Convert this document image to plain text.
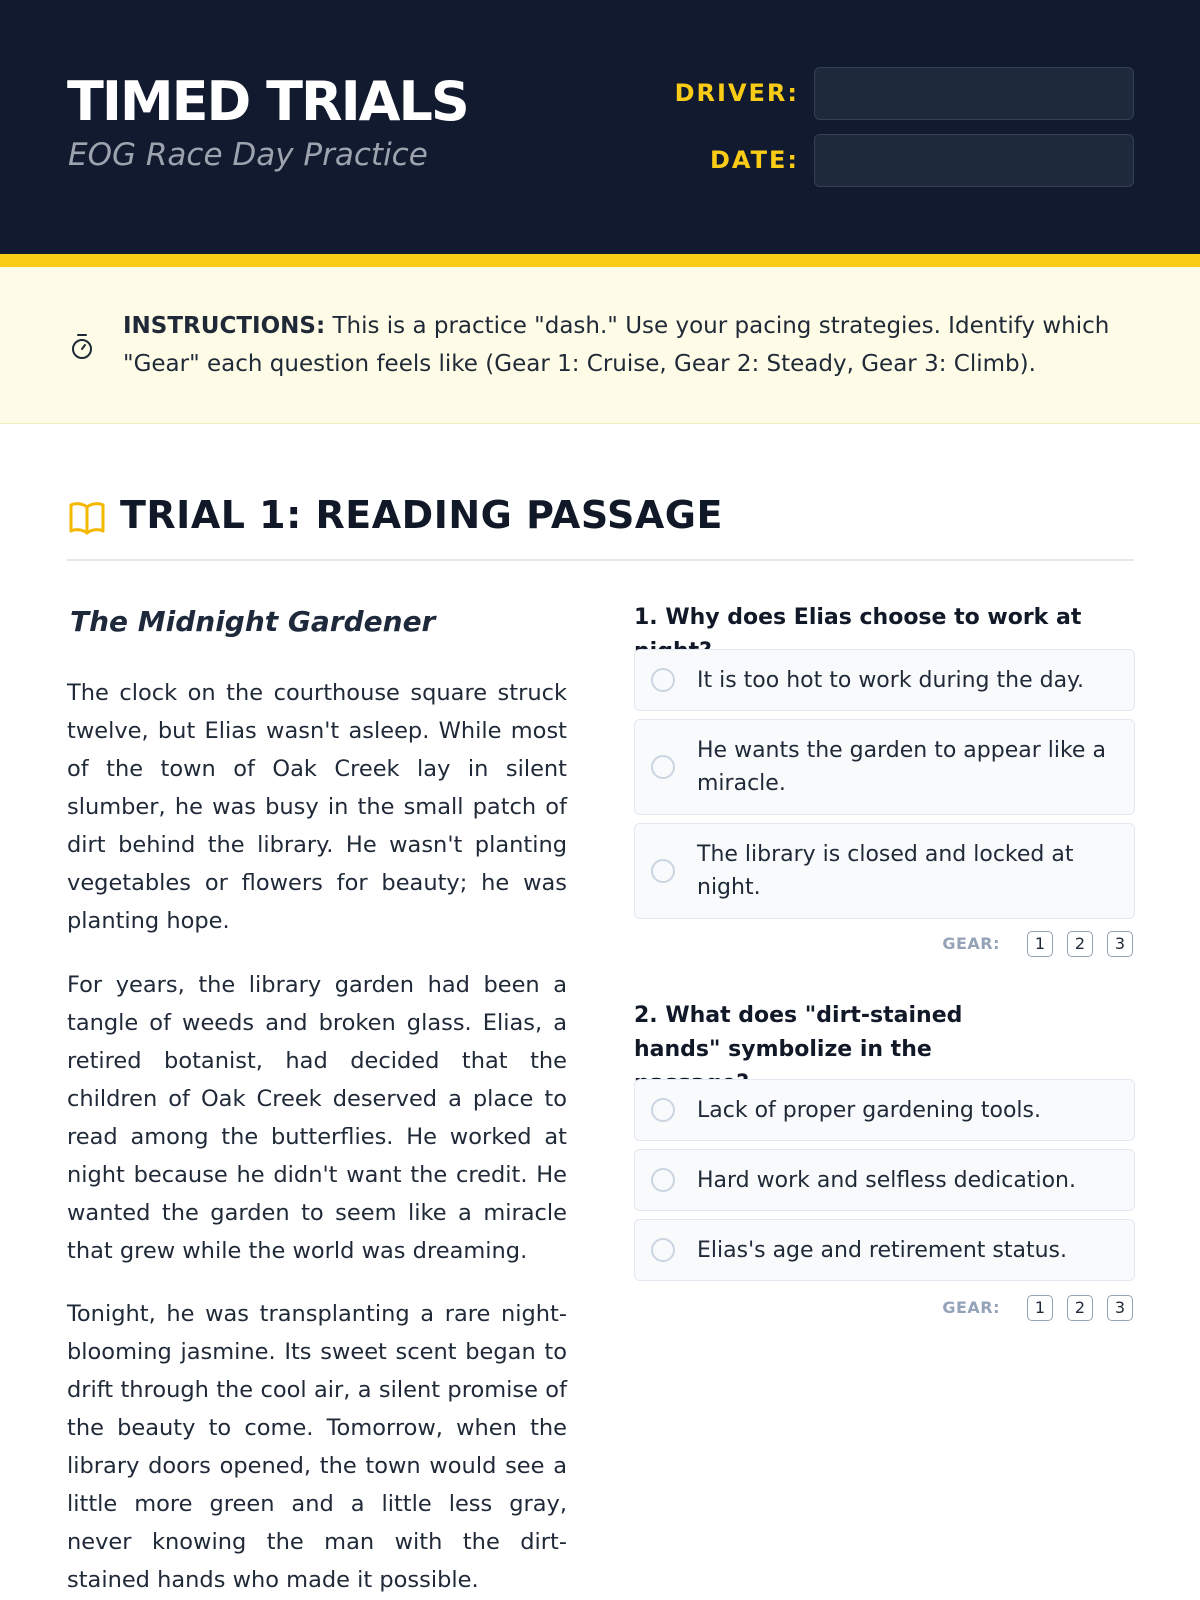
TIMED TRIALS
EOG Race Day Practice
DRIVER:
DATE:
INSTRUCTIONS: This is a practice "dash." Use your pacing strategies. Identify which "Gear" each question feels like (Gear 1: Cruise, Gear 2: Steady, Gear 3: Climb).
TRIAL 1: READING PASSAGE
The Midnight Gardener

The clock on the courthouse square struck twelve, but Elias wasn't asleep. While most of the town of Oak Creek lay in silent slumber, he was busy in the small patch of dirt behind the library. He wasn't planting vegetables or flowers for beauty; he was planting hope.

For years, the library garden had been a tangle of weeds and broken glass. Elias, a retired botanist, had decided that the children of Oak Creek deserved a place to read among the butterflies. He worked at night because he didn't want the credit. He wanted the garden to seem like a miracle that grew while the world was dreaming.

Tonight, he was transplanting a rare night-blooming jasmine. Its sweet scent began to drift through the cool air, a silent promise of the beauty to come. Tomorrow, when the library doors opened, the town would see a little more green and a little less gray, never knowing the man with the dirt-stained hands who made it possible.

1. Why does Elias choose to work at
It is too hot to work during the day.
He wants the garden to appear like a miracle.
The library is closed and locked at night.
GEAR:	1	2	3
2. What does "dirt-stained hands" symbolize in the
Lack of proper gardening tools.
Hard work and selfless dedication.
Elias's age and retirement status.
GEAR:	1	2	3
